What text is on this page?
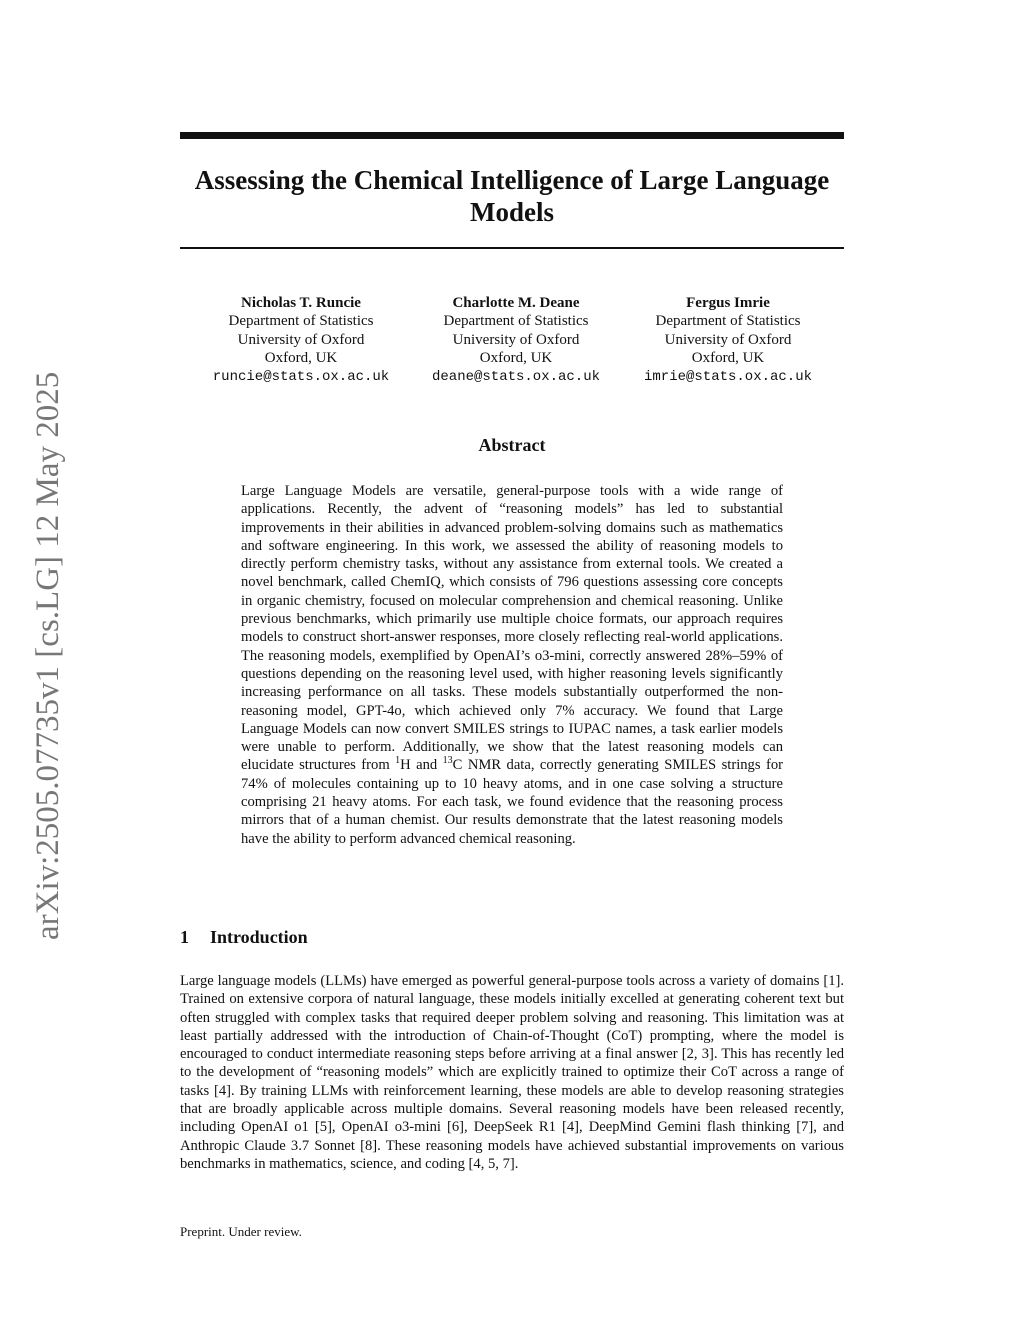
Assessing the Chemical Intelligence of Large Language Models
arXiv:2505.07735v1 [cs.LG] 12 May 2025
Nicholas T. Runcie
Department of Statistics
University of Oxford
Oxford, UK
runcie@stats.ox.ac.uk
Charlotte M. Deane
Department of Statistics
University of Oxford
Oxford, UK
deane@stats.ox.ac.uk
Fergus Imrie
Department of Statistics
University of Oxford
Oxford, UK
imrie@stats.ox.ac.uk
Abstract

Large Language Models are versatile, general-purpose tools with a wide range of applications. Recently, the advent of “reasoning models” has led to substantial improvements in their abilities in advanced problem-solving domains such as mathematics and software engineering. In this work, we assessed the ability of reasoning models to directly perform chemistry tasks, without any assistance from external tools. We created a novel benchmark, called ChemIQ, which consists of 796 questions assessing core concepts in organic chemistry, focused on molecular comprehension and chemical reasoning. Unlike previous benchmarks, which primarily use multiple choice formats, our approach requires models to construct short-answer responses, more closely reflecting real-world applications. The reasoning models, exemplified by OpenAI’s o3-mini, correctly answered 28%–59% of questions depending on the reasoning level used, with higher reasoning levels significantly increasing performance on all tasks. These models substantially outperformed the non-reasoning model, GPT-4o, which achieved only 7% accuracy. We found that Large Language Models can now convert SMILES strings to IUPAC names, a task earlier models were unable to perform. Additionally, we show that the latest reasoning models can elucidate structures from $^1$H and $^{13}$C NMR data, correctly generating SMILES strings for 74% of molecules containing up to 10 heavy atoms, and in one case solving a structure comprising 21 heavy atoms. For each task, we found evidence that the reasoning process mirrors that of a human chemist. Our results demonstrate that the latest reasoning models have the ability to perform advanced chemical reasoning.

1 Introduction

Large language models (LLMs) have emerged as powerful general-purpose tools across a variety of domains [1]. Trained on extensive corpora of natural language, these models initially excelled at generating coherent text but often struggled with complex tasks that required deeper problem solving and reasoning. This limitation was at least partially addressed with the introduction of Chain-of-Thought (CoT) prompting, where the model is encouraged to conduct intermediate reasoning steps before arriving at a final answer [2, 3]. This has recently led to the development of “reasoning models” which are explicitly trained to optimize their CoT across a range of tasks [4]. By training LLMs with reinforcement learning, these models are able to develop reasoning strategies that are broadly applicable across multiple domains. Several reasoning models have been released recently, including OpenAI o1 [5], OpenAI o3-mini [6], DeepSeek R1 [4], DeepMind Gemini flash thinking [7], and Anthropic Claude 3.7 Sonnet [8]. These reasoning models have achieved substantial improvements on various benchmarks in mathematics, science, and coding [4, 5, 7].

Preprint. Under review.
